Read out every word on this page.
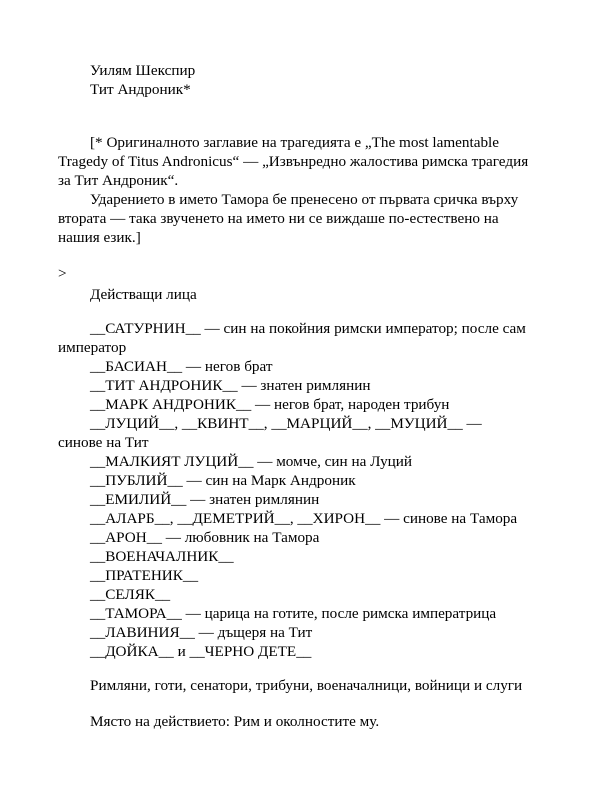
Уилям Шекспир
Тит Андроник*
[* Оригиналното заглавие на трагедията е „The most lamentable
Tragedy of Titus Andronicus“ — „Извънредно жалостива римска трагедия
за Тит Андроник“.
Ударението в името Тамора бе пренесено от първата сричка върху
втората — така звученето на името ни се виждаше по-естествено на
нашия език.]
>
Действащи лица
__САТУРНИН__ — син на покойния римски император; после сам
император
__БАСИАН__ — негов брат
__ТИТ АНДРОНИК__ — знатен римлянин
__МАРК АНДРОНИК__ — негов брат, народен трибун
__ЛУЦИЙ__, __КВИНТ__, __МАРЦИЙ__, __МУЦИЙ__ —
синове на Тит
__МАЛКИЯТ ЛУЦИЙ__ — момче, син на Луций
__ПУБЛИЙ__ — син на Марк Андроник
__ЕМИЛИЙ__ — знатен римлянин
__АЛАРБ__, __ДЕМЕТРИЙ__, __ХИРОН__ — синове на Тамора
__АРОН__ — любовник на Тамора
__ВОЕНАЧАЛНИК__
__ПРАТЕНИК__
__СЕЛЯК__
__ТАМОРА__ — царица на готите, после римска императрица
__ЛАВИНИЯ__ — дъщеря на Тит
__ДОЙКА__ и __ЧЕРНО ДЕТЕ__
Римляни, готи, сенатори, трибуни, военачалници, войници и слуги
Място на действието: Рим и околностите му.
